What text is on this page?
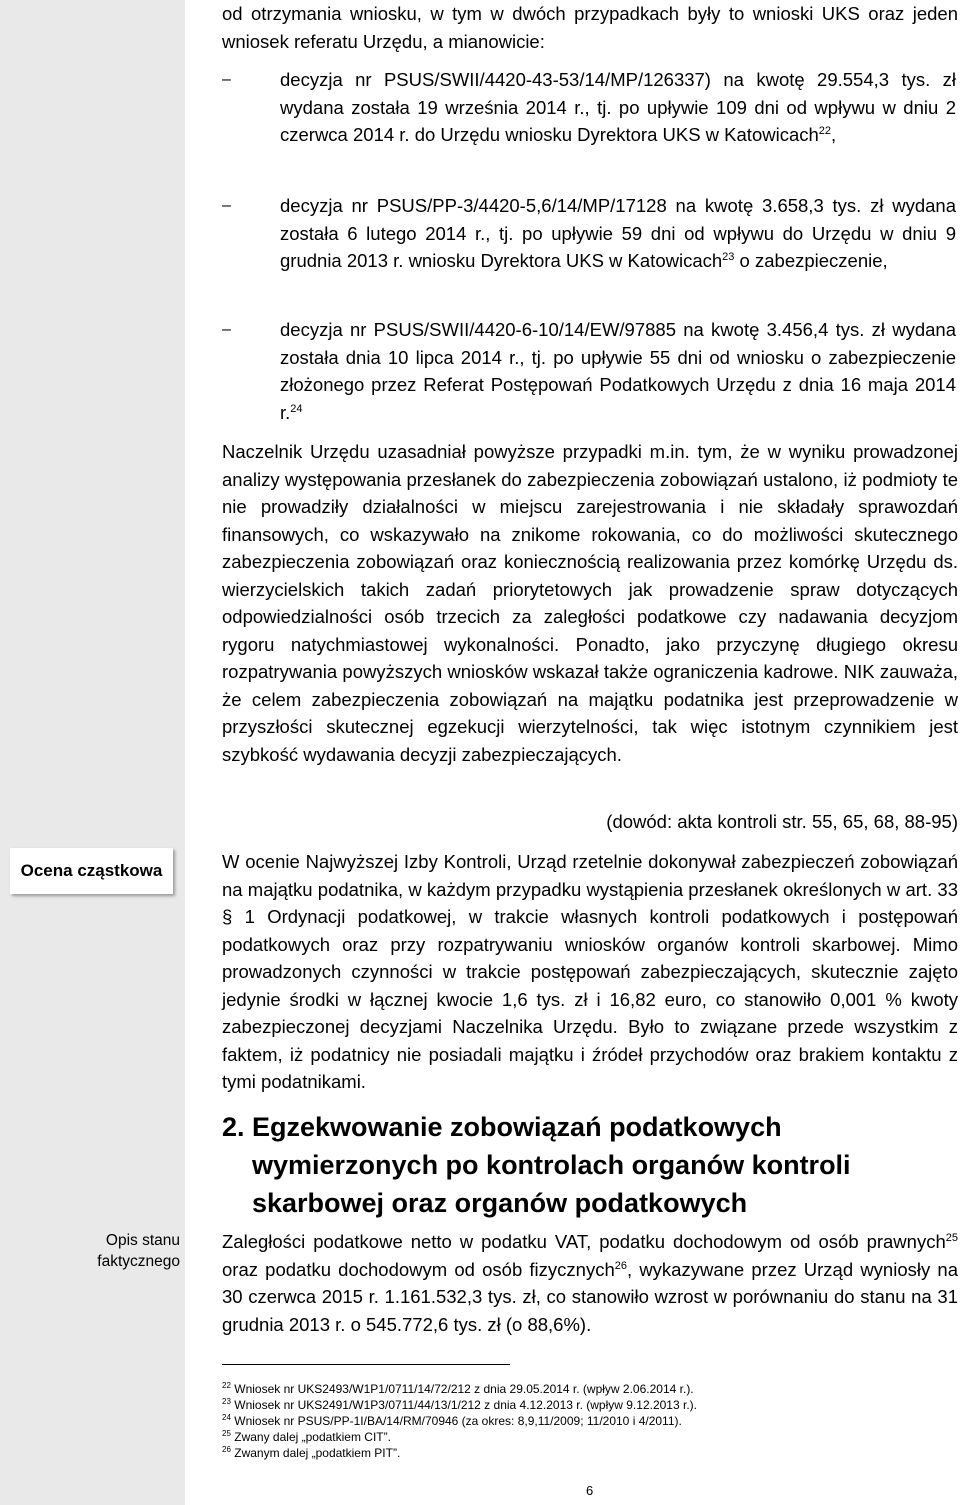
Ocena cząstkowa
Opis stanu
faktycznego
od otrzymania wniosku, w tym w dwóch przypadkach były to wnioski UKS oraz jeden wniosek referatu Urzędu, a mianowicie:
–	decyzja nr PSUS/SWII/4420-43-53/14/MP/126337) na kwotę 29.554,3 tys. zł wydana została 19 września 2014 r., tj. po upływie 109 dni od wpływu w dniu 2 czerwca 2014 r. do Urzędu wniosku Dyrektora UKS w Katowicach$^{22}$,
–	decyzja nr PSUS/PP-3/4420-5,6/14/MP/17128 na kwotę 3.658,3 tys. zł wydana została 6 lutego 2014 r., tj. po upływie 59 dni od wpływu do Urzędu w dniu 9 grudnia 2013 r. wniosku Dyrektora UKS w Katowicach$^{23}$ o zabezpieczenie,
–	decyzja nr PSUS/SWII/4420-6-10/14/EW/97885 na kwotę 3.456,4 tys. zł wydana została dnia 10 lipca 2014 r., tj. po upływie 55 dni od wniosku o zabezpieczenie złożonego przez Referat Postępowań Podatkowych Urzędu z dnia 16 maja 2014 r.$^{24}$
Naczelnik Urzędu uzasadniał powyższe przypadki m.in. tym, że w wyniku prowadzonej analizy występowania przesłanek do zabezpieczenia zobowiązań ustalono, iż podmioty te nie prowadziły działalności w miejscu zarejestrowania i nie składały sprawozdań finansowych, co wskazywało na znikome rokowania, co do możliwości skutecznego zabezpieczenia zobowiązań oraz koniecznością realizowania przez komórkę Urzędu ds. wierzycielskich takich zadań priorytetowych jak prowadzenie spraw dotyczących odpowiedzialności osób trzecich za zaległości podatkowe czy nadawania decyzjom rygoru natychmiastowej wykonalności. Ponadto, jako przyczynę długiego okresu rozpatrywania powyższych wniosków wskazał także ograniczenia kadrowe. NIK zauważa, że celem zabezpieczenia zobowiązań na majątku podatnika jest przeprowadzenie w przyszłości skutecznej egzekucji wierzytelności, tak więc istotnym czynnikiem jest szybkość wydawania decyzji zabezpieczających.
(dowód: akta kontroli str. 55, 65, 68, 88-95)
W ocenie Najwyższej Izby Kontroli, Urząd rzetelnie dokonywał zabezpieczeń zobowiązań na majątku podatnika, w każdym przypadku wystąpienia przesłanek określonych w art. 33 § 1 Ordynacji podatkowej, w trakcie własnych kontroli podatkowych i postępowań podatkowych oraz przy rozpatrywaniu wniosków organów kontroli skarbowej. Mimo prowadzonych czynności w trakcie postępowań zabezpieczających, skutecznie zajęto jedynie środki w łącznej kwocie 1,6 tys. zł i 16,82 euro, co stanowiło 0,001 % kwoty zabezpieczonej decyzjami Naczelnika Urzędu. Było to związane przede wszystkim z faktem, iż podatnicy nie posiadali majątku i źródeł przychodów oraz brakiem kontaktu z tymi podatnikami.
2. Egzekwowanie zobowiązań podatkowych wymierzonych po kontrolach organów kontroli skarbowej oraz organów podatkowych
Zaległości podatkowe netto w podatku VAT, podatku dochodowym od osób prawnych$^{25}$ oraz podatku dochodowym od osób fizycznych$^{26}$, wykazywane przez Urząd wyniosły na 30 czerwca 2015 r. 1.161.532,3 tys. zł, co stanowiło wzrost w porównaniu do stanu na 31 grudnia 2013 r. o 545.772,6 tys. zł (o 88,6%).
$^{22}$ Wniosek nr UKS2493/W1P1/0711/14/72/212 z dnia 29.05.2014 r. (wpływ 2.06.2014 r.).
$^{23}$ Wniosek nr UKS2491/W1P3/0711/44/13/1/212 z dnia 4.12.2013 r. (wpływ 9.12.2013 r.).
$^{24}$ Wniosek nr PSUS/PP-1I/BA/14/RM/70946 (za okres: 8,9,11/2009; 11/2010 i 4/2011).
$^{25}$ Zwany dalej „podatkiem CIT”.
$^{26}$ Zwanym dalej „podatkiem PIT”.
6
